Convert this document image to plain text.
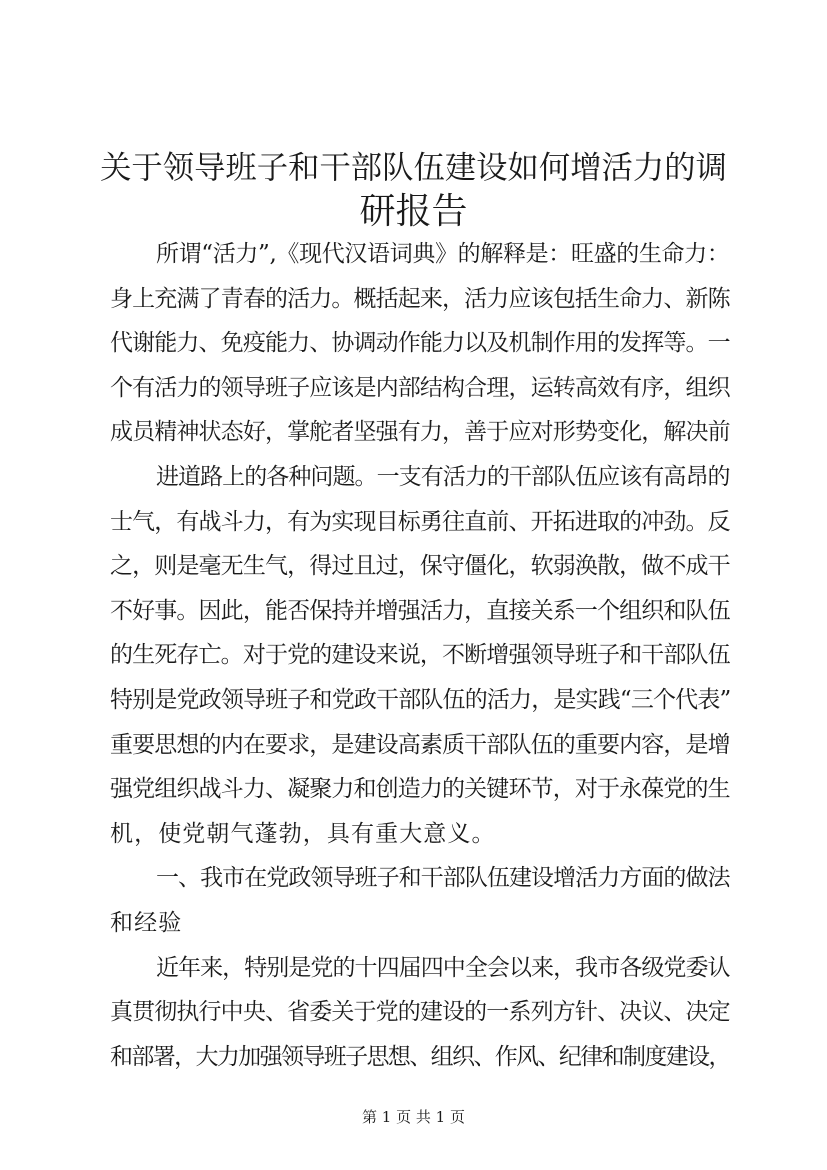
关于领导班子和干部队伍建设如何增活力的调
研报告
所谓“活力”,《现代汉语词典》的解释是：旺盛的生命力：
身上充满了青春的活力。概括起来，活力应该包括生命力、新陈
代谢能力、免疫能力、协调动作能力以及机制作用的发挥等。一
个有活力的领导班子应该是内部结构合理，运转高效有序，组织
成员精神状态好，掌舵者坚强有力，善于应对形势变化，解决前
进道路上的各种问题。一支有活力的干部队伍应该有高昂的
士气，有战斗力，有为实现目标勇往直前、开拓进取的冲劲。反
之，则是毫无生气，得过且过，保守僵化，软弱涣散，做不成干
不好事。因此，能否保持并增强活力，直接关系一个组织和队伍
的生死存亡。对于党的建设来说，不断增强领导班子和干部队伍
特别是党政领导班子和党政干部队伍的活力，是实践“三个代表”
重要思想的内在要求，是建设高素质干部队伍的重要内容，是增
强党组织战斗力、凝聚力和创造力的关键环节，对于永葆党的生
机，使党朝气蓬勃，具有重大意义。
一、我市在党政领导班子和干部队伍建设增活力方面的做法
和经验
近年来，特别是党的十四届四中全会以来，我市各级党委认
真贯彻执行中央、省委关于党的建设的一系列方针、决议、决定
和部署，大力加强领导班子思想、组织、作风、纪律和制度建设，
第 1 页 共 1 页
